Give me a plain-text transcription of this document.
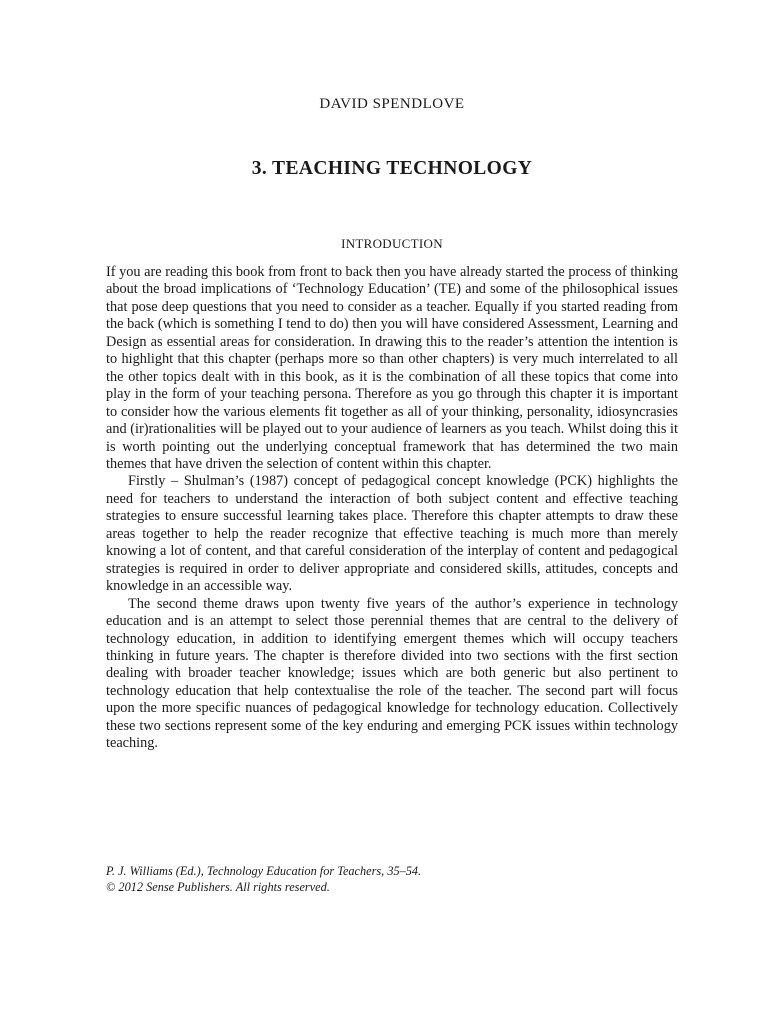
DAVID SPENDLOVE
3. TEACHING TECHNOLOGY
INTRODUCTION

If you are reading this book from front to back then you have already started the process of thinking about the broad implications of ‘Technology Education’ (TE) and some of the philosophical issues that pose deep questions that you need to consider as a teacher. Equally if you started reading from the back (which is something I tend to do) then you will have considered Assessment, Learning and Design as essential areas for consideration. In drawing this to the reader’s attention the intention is to highlight that this chapter (perhaps more so than other chapters) is very much interrelated to all the other topics dealt with in this book, as it is the combination of all these topics that come into play in the form of your teaching persona. Therefore as you go through this chapter it is important to consider how the various elements fit together as all of your thinking, personality, idiosyncrasies and (ir)rationalities will be played out to your audience of learners as you teach. Whilst doing this it is worth pointing out the underlying conceptual framework that has determined the two main themes that have driven the selection of content within this chapter.

Firstly – Shulman’s (1987) concept of pedagogical concept knowledge (PCK) highlights the need for teachers to understand the interaction of both subject content and effective teaching strategies to ensure successful learning takes place. Therefore this chapter attempts to draw these areas together to help the reader recognize that effective teaching is much more than merely knowing a lot of content, and that careful consideration of the interplay of content and pedagogical strategies is required in order to deliver appropriate and considered skills, attitudes, concepts and knowledge in an accessible way.

The second theme draws upon twenty five years of the author’s experience in technology education and is an attempt to select those perennial themes that are central to the delivery of technology education, in addition to identifying emergent themes which will occupy teachers thinking in future years. The chapter is therefore divided into two sections with the first section dealing with broader teacher knowledge; issues which are both generic but also pertinent to technology education that help contextualise the role of the teacher. The second part will focus upon the more specific nuances of pedagogical knowledge for technology education. Collectively these two sections represent some of the key enduring and emerging PCK issues within technology teaching.

P. J. Williams (Ed.), Technology Education for Teachers, 35–54.
© 2012 Sense Publishers. All rights reserved.
